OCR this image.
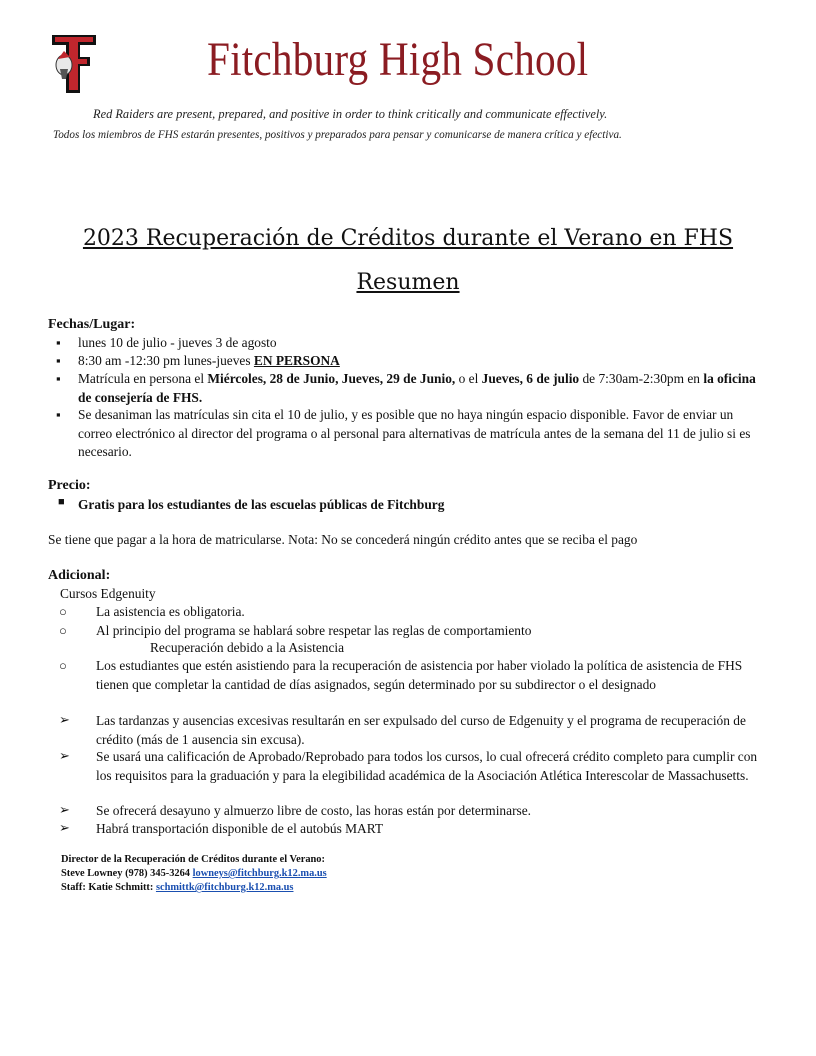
Fitchburg High School
Red Raiders are present, prepared, and positive in order to think critically and communicate effectively.
Todos los miembros de FHS estarán presentes, positivos y preparados para pensar y comunicarse de manera crítica y efectiva.
2023 Recuperación de Créditos durante el Verano en FHS
Resumen
Fechas/Lugar:
▪ lunes 10 de julio - jueves 3 de agosto
▪ 8:30 am -12:30 pm lunes-jueves EN PERSONA
▪ Matrícula en persona el Miércoles, 28 de Junio, Jueves, 29 de Junio, o el Jueves, 6 de julio de 7:30am-2:30pm en la oficina de consejería de FHS.
▪ Se desaniman las matrículas sin cita el 10 de julio, y es posible que no haya ningún espacio disponible. Favor de enviar un correo electrónico al director del programa o al personal para alternativas de matrícula antes de la semana del 11 de julio si es necesario.
Precio:
■ Gratis para los estudiantes de las escuelas públicas de Fitchburg
Se tiene que pagar a la hora de matricularse. Nota: No se concederá ningún crédito antes que se reciba el pago
Adicional:
Cursos Edgenuity
○ La asistencia es obligatoria.
○ Al principio del programa se hablará sobre respetar las reglas de comportamiento
Recuperación debido a la Asistencia
○ Los estudiantes que estén asistiendo para la recuperación de asistencia por haber violado la política de asistencia de FHS tienen que completar la cantidad de días asignados, según determinado por su subdirector o el designado
➢ Las tardanzas y ausencias excesivas resultarán en ser expulsado del curso de Edgenuity y el programa de recuperación de crédito (más de 1 ausencia sin excusa).
➢ Se usará una calificación de Aprobado/Reprobado para todos los cursos, lo cual ofrecerá crédito completo para cumplir con los requisitos para la graduación y para la elegibilidad académica de la Asociación Atlética Interescolar de Massachusetts.
➢ Se ofrecerá desayuno y almuerzo libre de costo, las horas están por determinarse.
➢ Habrá transportación disponible de el autobús MART
Director de la Recuperación de Créditos durante el Verano:
Steve Lowney (978) 345-3264 lowneys@fitchburg.k12.ma.us
Staff: Katie Schmitt: schmittk@fitchburg.k12.ma.us
